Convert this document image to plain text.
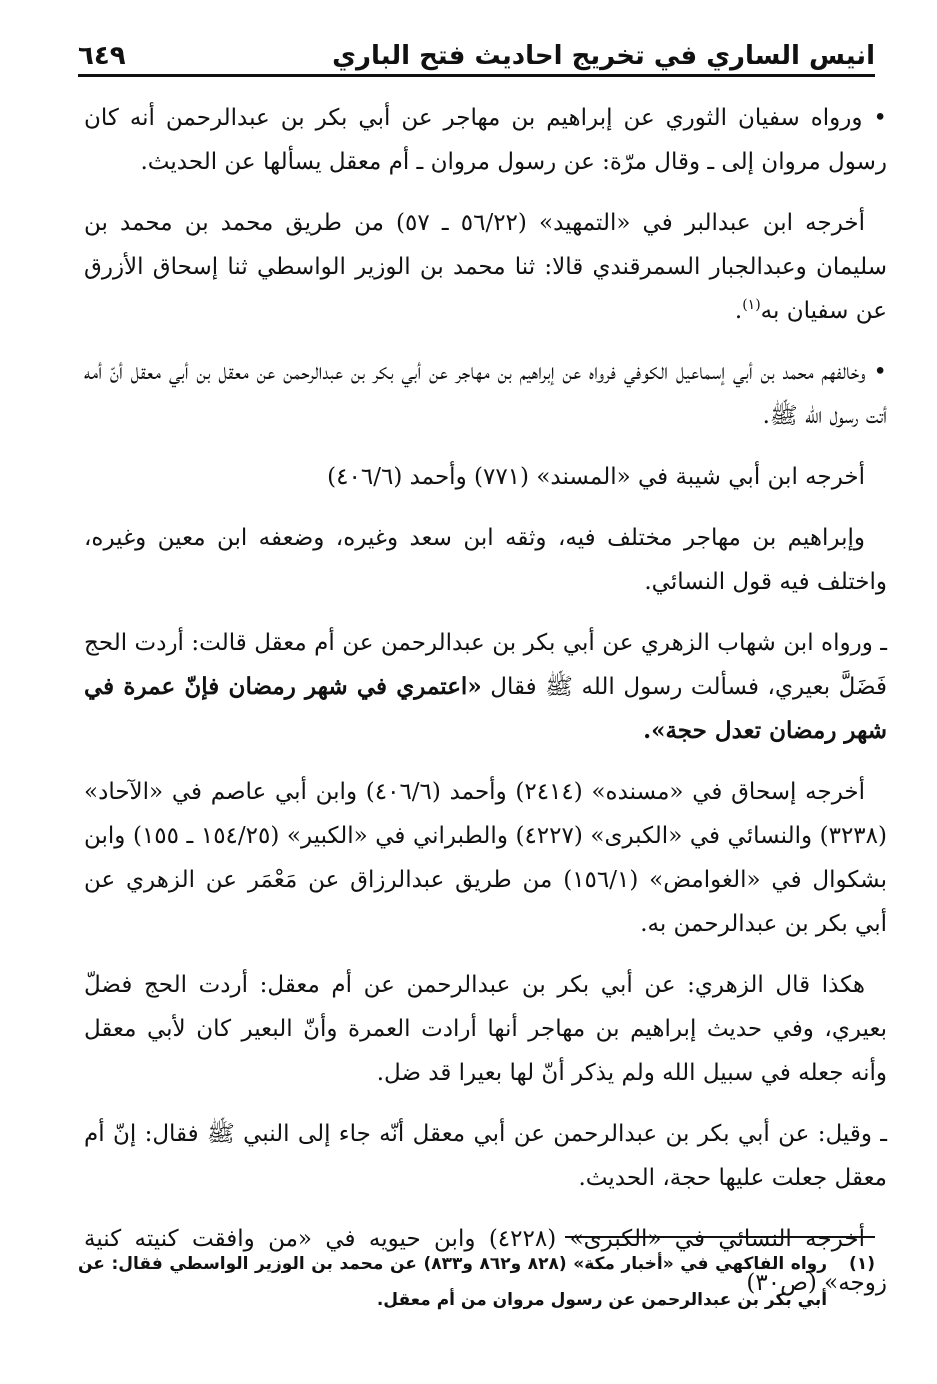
انيس الساري في تخريج احاديث فتح الباري
٦٤٩

• ورواه سفيان الثوري عن إبراهيم بن مهاجر عن أبي بكر بن عبدالرحمن أنه كان رسول مروان إلى ـ وقال مرّة: عن رسول مروان ـ أم معقل يسألها عن الحديث.

أخرجه ابن عبدالبر في «التمهيد» (٥٦/٢٢ ـ ٥٧) من طريق محمد بن محمد بن سليمان وعبدالجبار السمرقندي قالا: ثنا محمد بن الوزير الواسطي ثنا إسحاق الأزرق عن سفيان به$^{(١)}$.

• وخالفهم محمد بن أبي إسماعيل الكوفي فرواه عن إبراهيم بن مهاجر عن أبي بكر بن عبدالرحمن عن معقل بن أبي معقل أنّ أمه أتت رسول الله ﷺ.

أخرجه ابن أبي شيبة في «المسند» (٧٧١) وأحمد (٤٠٦/٦)

وإبراهيم بن مهاجر مختلف فيه، وثقه ابن سعد وغيره، وضعفه ابن معين وغيره، واختلف فيه قول النسائي.

ـ ورواه ابن شهاب الزهري عن أبي بكر بن عبدالرحمن عن أم معقل قالت: أردت الحج فَضَلَّ بعيري، فسألت رسول الله ﷺ فقال «اعتمري في شهر رمضان فإنّ عمرة في شهر رمضان تعدل حجة».

أخرجه إسحاق في «مسنده» (٢٤١٤) وأحمد (٤٠٦/٦) وابن أبي عاصم في «الآحاد» (٣٢٣٨) والنسائي في «الكبرى» (٤٢٢٧) والطبراني في «الكبير» (١٥٤/٢٥ ـ ١٥٥) وابن بشكوال في «الغوامض» (١٥٦/١) من طريق عبدالرزاق عن مَعْمَر عن الزهري عن أبي بكر بن عبدالرحمن به.

هكذا قال الزهري: عن أبي بكر بن عبدالرحمن عن أم معقل: أردت الحج فضلّ بعيري، وفي حديث إبراهيم بن مهاجر أنها أرادت العمرة وأنّ البعير كان لأبي معقل وأنه جعله في سبيل الله ولم يذكر أنّ لها بعيرا قد ضل.

ـ وقيل: عن أبي بكر بن عبدالرحمن عن أبي معقل أنّه جاء إلى النبي ﷺ فقال: إنّ أم معقل جعلت عليها حجة، الحديث.

أخرجه النسائي في «الكبرى» (٤٢٢٨) وابن حيويه في «من وافقت كنيته كنية زوجه» (ص٣٠)

(١)
رواه الفاكهي في «أخبار مكة» (٨٢٨ و٨٦٢ و٨٣٣) عن محمد بن الوزير الواسطي فقال: عن أبي بكر بن عبدالرحمن عن رسول مروان من أم معقل.
